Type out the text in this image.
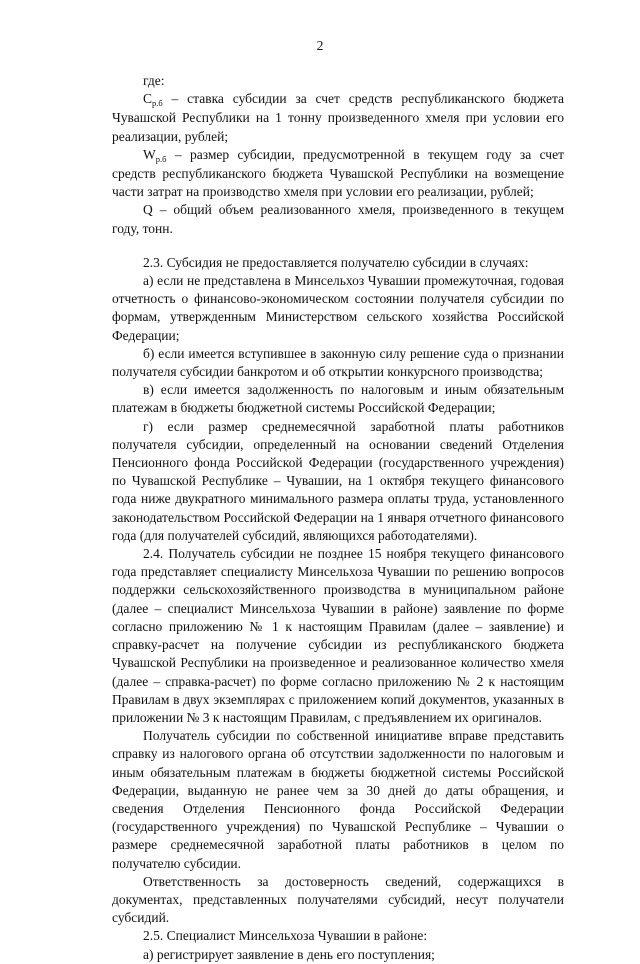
2

где:

$C_{р.б}$ – ставка субсидии за счет средств республиканского бюджета Чувашской Республики на 1 тонну произведенного хмеля при условии его реализации, рублей;

$W_{р.б}$ – размер субсидии, предусмотренной в текущем году за счет средств республиканского бюджета Чувашской Республики на возмещение части затрат на производство хмеля при условии его реализации, рублей;

Q – общий объем реализованного хмеля, произведенного в текущем году, тонн.

2.3. Субсидия не предоставляется получателю субсидии в случаях:

а) если не представлена в Минсельхоз Чувашии промежуточная, годовая отчетность о финансово-экономическом состоянии получателя субсидии по формам, утвержденным Министерством сельского хозяйства Российской Федерации;

б) если имеется вступившее в законную силу решение суда о признании получателя субсидии банкротом и об открытии конкурсного производства;

в) если имеется задолженность по налоговым и иным обязательным платежам в бюджеты бюджетной системы Российской Федерации;

г) если размер среднемесячной заработной платы работников получателя субсидии, определенный на основании сведений Отделения Пенсионного фонда Российской Федерации (государственного учреждения) по Чувашской Республике – Чувашии, на 1 октября текущего финансового года ниже двукратного минимального размера оплаты труда, установленного законодательством Российской Федерации на 1 января отчетного финансового года (для получателей субсидий, являющихся работодателями).

2.4. Получатель субсидии не позднее 15 ноября текущего финансового года представляет специалисту Минсельхоза Чувашии по решению вопросов поддержки сельскохозяйственного производства в муниципальном районе (далее – специалист Минсельхоза Чувашии в районе) заявление по форме согласно приложению № 1 к настоящим Правилам (далее – заявление) и справку-расчет на получение субсидии из республиканского бюджета Чувашской Республики на произведенное и реализованное количество хмеля (далее – справка-расчет) по форме согласно приложению № 2 к настоящим Правилам в двух экземплярах с приложением копий документов, указанных в приложении № 3 к настоящим Правилам, с предъявлением их оригиналов.

Получатель субсидии по собственной инициативе вправе представить справку из налогового органа об отсутствии задолженности по налоговым и иным обязательным платежам в бюджеты бюджетной системы Российской Федерации, выданную не ранее чем за 30 дней до даты обращения, и сведения Отделения Пенсионного фонда Российской Федерации (государственного учреждения) по Чувашской Республике – Чувашии о размере среднемесячной заработной платы работников в целом по получателю субсидии.

Ответственность за достоверность сведений, содержащихся в документах, представленных получателями субсидий, несут получатели субсидий.

2.5. Специалист Минсельхоза Чувашии в районе:

а) регистрирует заявление в день его поступления;
